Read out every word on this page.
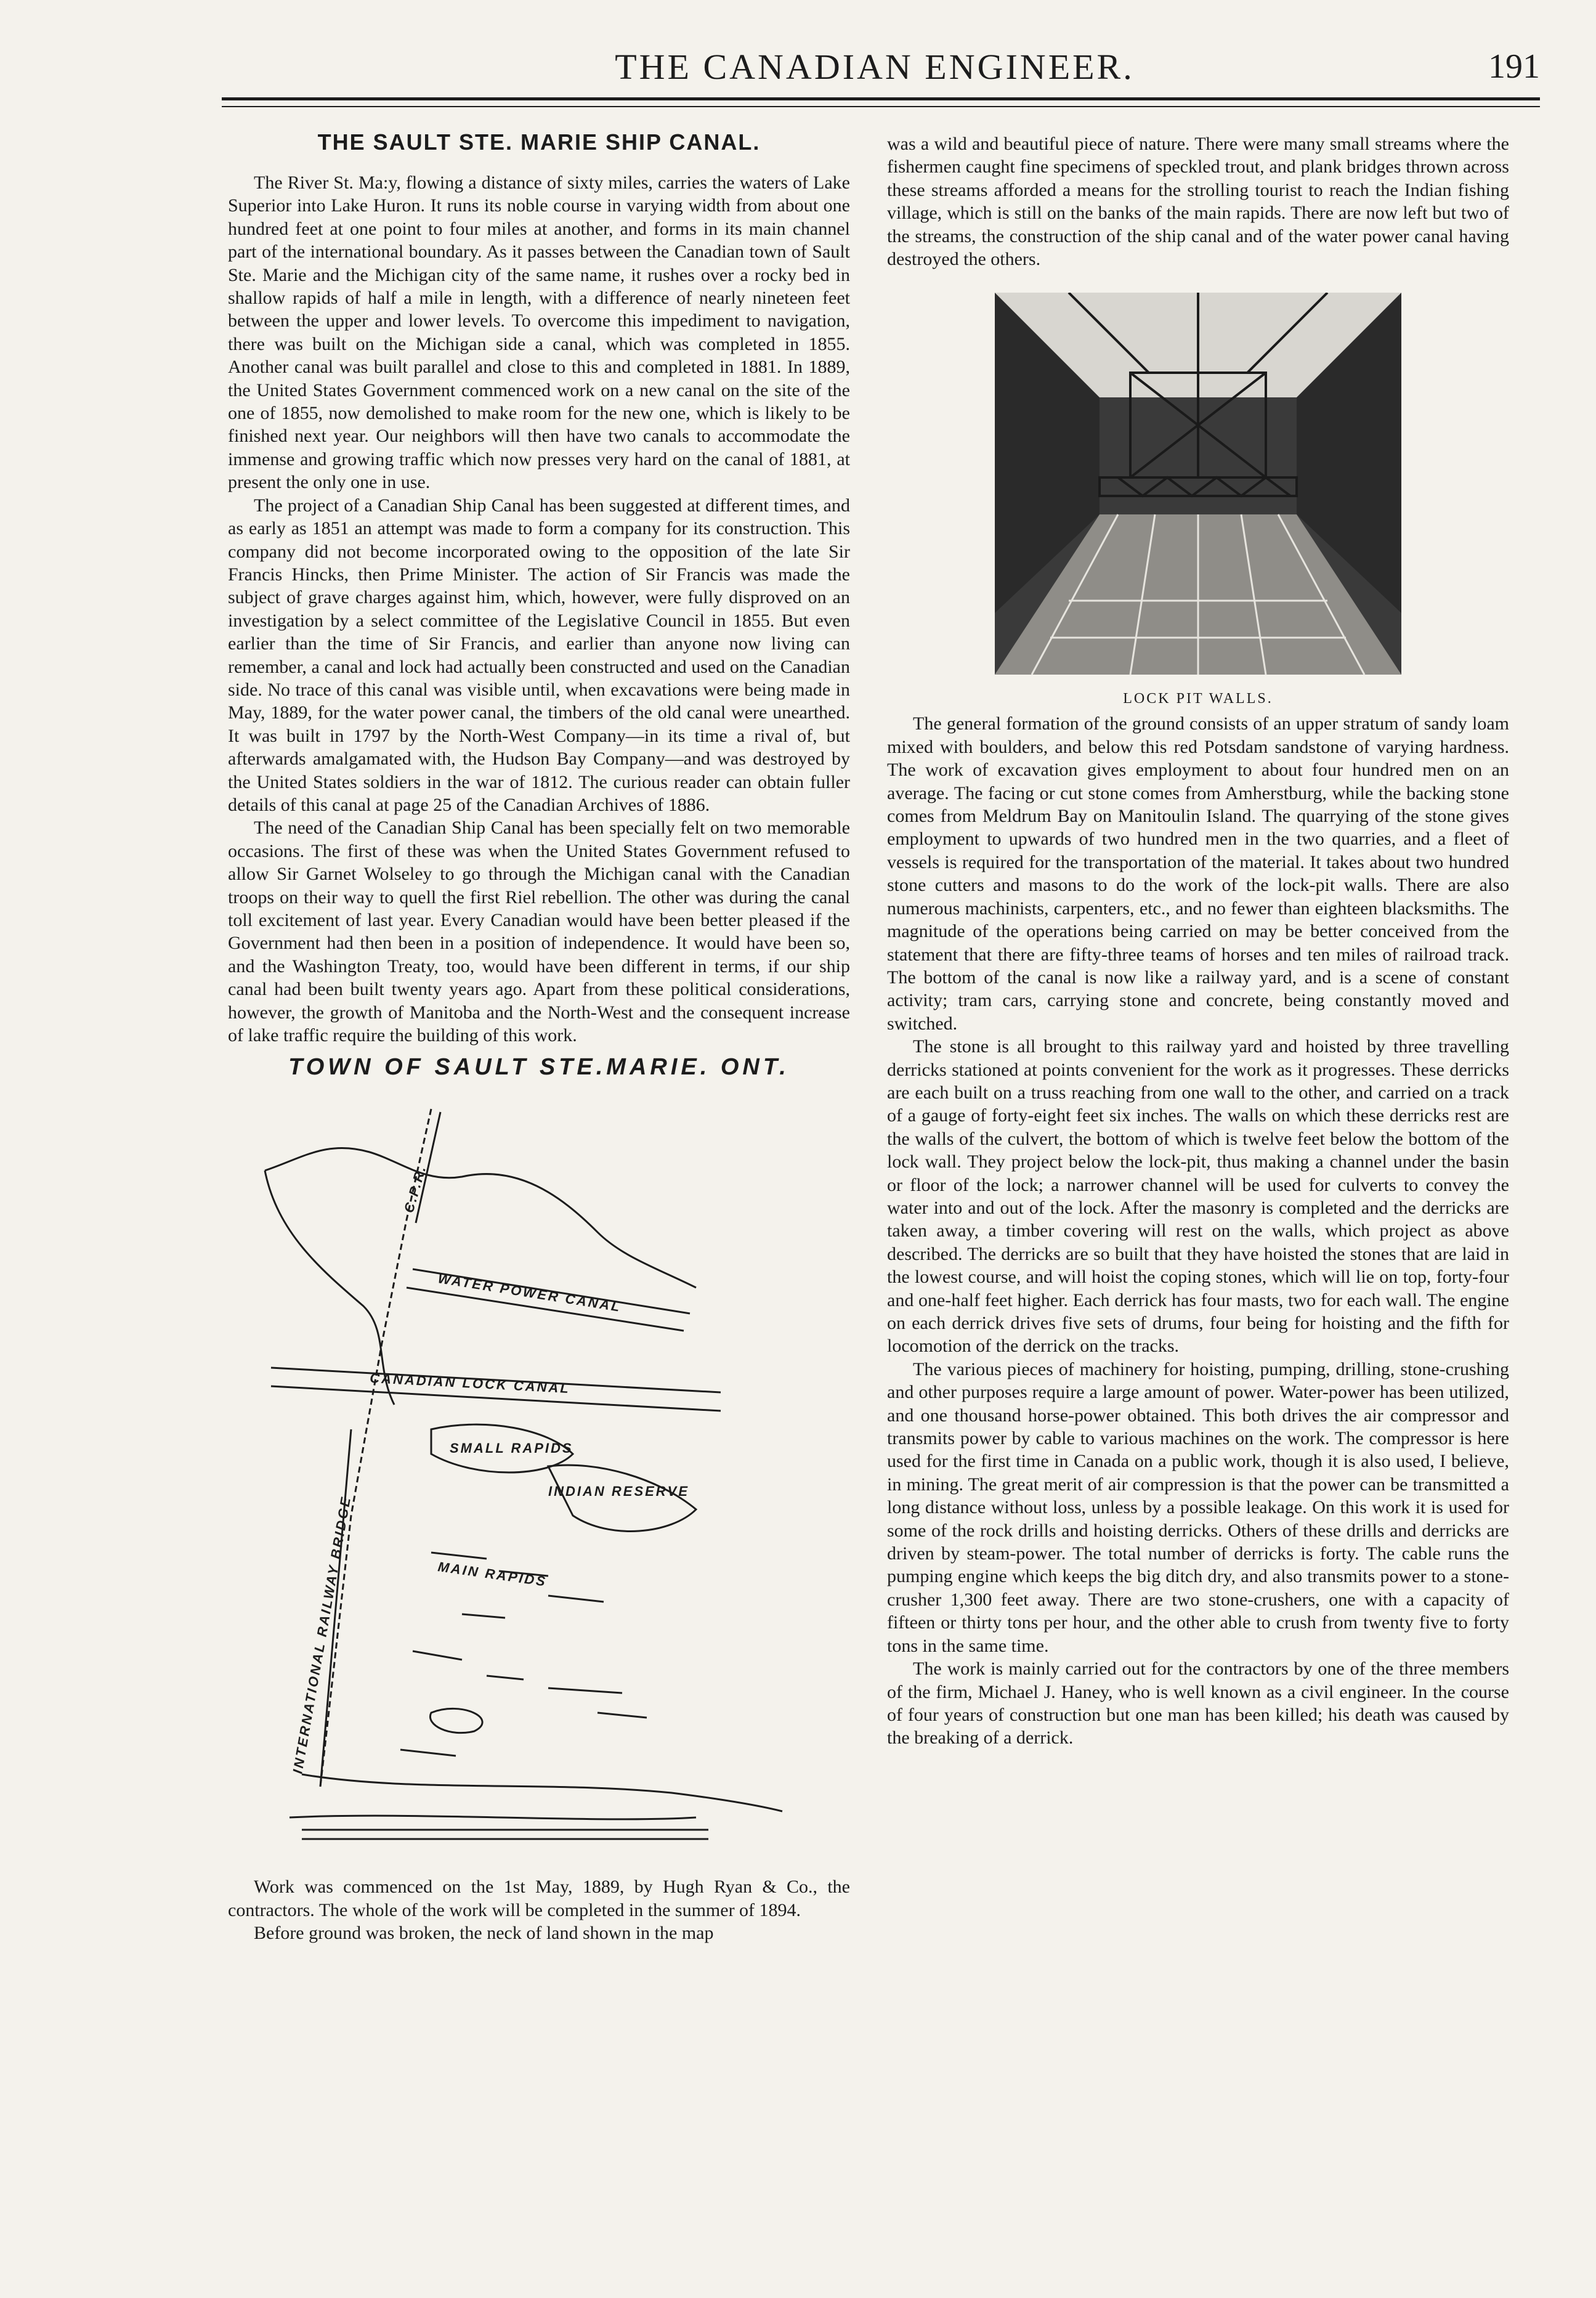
THE CANADIAN ENGINEER.	191
THE SAULT STE. MARIE SHIP CANAL.

The River St. Ma:y, flowing a distance of sixty miles, carries the waters of Lake Superior into Lake Huron. It runs its noble course in varying width from about one hundred feet at one point to four miles at another, and forms in its main channel part of the international boundary. As it passes between the Canadian town of Sault Ste. Marie and the Michigan city of the same name, it rushes over a rocky bed in shallow rapids of half a mile in length, with a difference of nearly nineteen feet between the upper and lower levels. To overcome this impediment to navigation, there was built on the Michigan side a canal, which was completed in 1855. Another canal was built parallel and close to this and completed in 1881. In 1889, the United States Government commenced work on a new canal on the site of the one of 1855, now demolished to make room for the new one, which is likely to be finished next year. Our neighbors will then have two canals to accommodate the immense and growing traffic which now presses very hard on the canal of 1881, at present the only one in use.

The project of a Canadian Ship Canal has been suggested at different times, and as early as 1851 an attempt was made to form a company for its construction. This company did not become incorporated owing to the opposition of the late Sir Francis Hincks, then Prime Minister. The action of Sir Francis was made the subject of grave charges against him, which, however, were fully disproved on an investigation by a select committee of the Legislative Council in 1855. But even earlier than the time of Sir Francis, and earlier than anyone now living can remember, a canal and lock had actually been constructed and used on the Canadian side. No trace of this canal was visible until, when excavations were being made in May, 1889, for the water power canal, the timbers of the old canal were unearthed. It was built in 1797 by the North-West Company—in its time a rival of, but afterwards amalgamated with, the Hudson Bay Company—and was destroyed by the United States soldiers in the war of 1812. The curious reader can obtain fuller details of this canal at page 25 of the Canadian Archives of 1886.

The need of the Canadian Ship Canal has been specially felt on two memorable occasions. The first of these was when the United States Government refused to allow Sir Garnet Wolseley to go through the Michigan canal with the Canadian troops on their way to quell the first Riel rebellion. The other was during the canal toll excitement of last year. Every Canadian would have been better pleased if the Government had then been in a position of independence. It would have been so, and the Washington Treaty, too, would have been different in terms, if our ship canal had been built twenty years ago. Apart from these political considerations, however, the growth of Manitoba and the North-West and the consequent increase of lake traffic require the building of this work.

TOWN OF SAULT STE.MARIE. ONT.
C.P.R.
WATER POWER CANAL
CANADIAN LOCK CANAL
SMALL RAPIDS
INDIAN RESERVE
MAIN RAPIDS
INTERNATIONAL RAILWAY BRIDGE

Work was commenced on the 1st May, 1889, by Hugh Ryan & Co., the contractors. The whole of the work will be completed in the summer of 1894.

Before ground was broken, the neck of land shown in the map

was a wild and beautiful piece of nature. There were many small streams where the fishermen caught fine specimens of speckled trout, and plank bridges thrown across these streams afforded a means for the strolling tourist to reach the Indian fishing village, which is still on the banks of the main rapids. There are now left but two of the streams, the construction of the ship canal and of the water power canal having destroyed the others.

LOCK PIT WALLS.

The general formation of the ground consists of an upper stratum of sandy loam mixed with boulders, and below this red Potsdam sandstone of varying hardness. The work of excavation gives employment to about four hundred men on an average. The facing or cut stone comes from Amherstburg, while the backing stone comes from Meldrum Bay on Manitoulin Island. The quarrying of the stone gives employment to upwards of two hundred men in the two quarries, and a fleet of vessels is required for the transportation of the material. It takes about two hundred stone cutters and masons to do the work of the lock-pit walls. There are also numerous machinists, carpenters, etc., and no fewer than eighteen blacksmiths. The magnitude of the operations being carried on may be better conceived from the statement that there are fifty-three teams of horses and ten miles of railroad track. The bottom of the canal is now like a railway yard, and is a scene of constant activity; tram cars, carrying stone and concrete, being constantly moved and switched.

The stone is all brought to this railway yard and hoisted by three travelling derricks stationed at points convenient for the work as it progresses. These derricks are each built on a truss reaching from one wall to the other, and carried on a track of a gauge of forty-eight feet six inches. The walls on which these derricks rest are the walls of the culvert, the bottom of which is twelve feet below the bottom of the lock wall. They project below the lock-pit, thus making a channel under the basin or floor of the lock; a narrower channel will be used for culverts to convey the water into and out of the lock. After the masonry is completed and the derricks are taken away, a timber covering will rest on the walls, which project as above described. The derricks are so built that they have hoisted the stones that are laid in the lowest course, and will hoist the coping stones, which will lie on top, forty-four and one-half feet higher. Each derrick has four masts, two for each wall. The engine on each derrick drives five sets of drums, four being for hoisting and the fifth for locomotion of the derrick on the tracks.

The various pieces of machinery for hoisting, pumping, drilling, stone-crushing and other purposes require a large amount of power. Water-power has been utilized, and one thousand horse-power obtained. This both drives the air compressor and transmits power by cable to various machines on the work. The compressor is here used for the first time in Canada on a public work, though it is also used, I believe, in mining. The great merit of air compression is that the power can be transmitted a long distance without loss, unless by a possible leakage. On this work it is used for some of the rock drills and hoisting derricks. Others of these drills and derricks are driven by steam-power. The total number of derricks is forty. The cable runs the pumping engine which keeps the big ditch dry, and also transmits power to a stone-crusher 1,300 feet away. There are two stone-crushers, one with a capacity of fifteen or thirty tons per hour, and the other able to crush from twenty five to forty tons in the same time.

The work is mainly carried out for the contractors by one of the three members of the firm, Michael J. Haney, who is well known as a civil engineer. In the course of four years of construction but one man has been killed; his death was caused by the breaking of a derrick.
